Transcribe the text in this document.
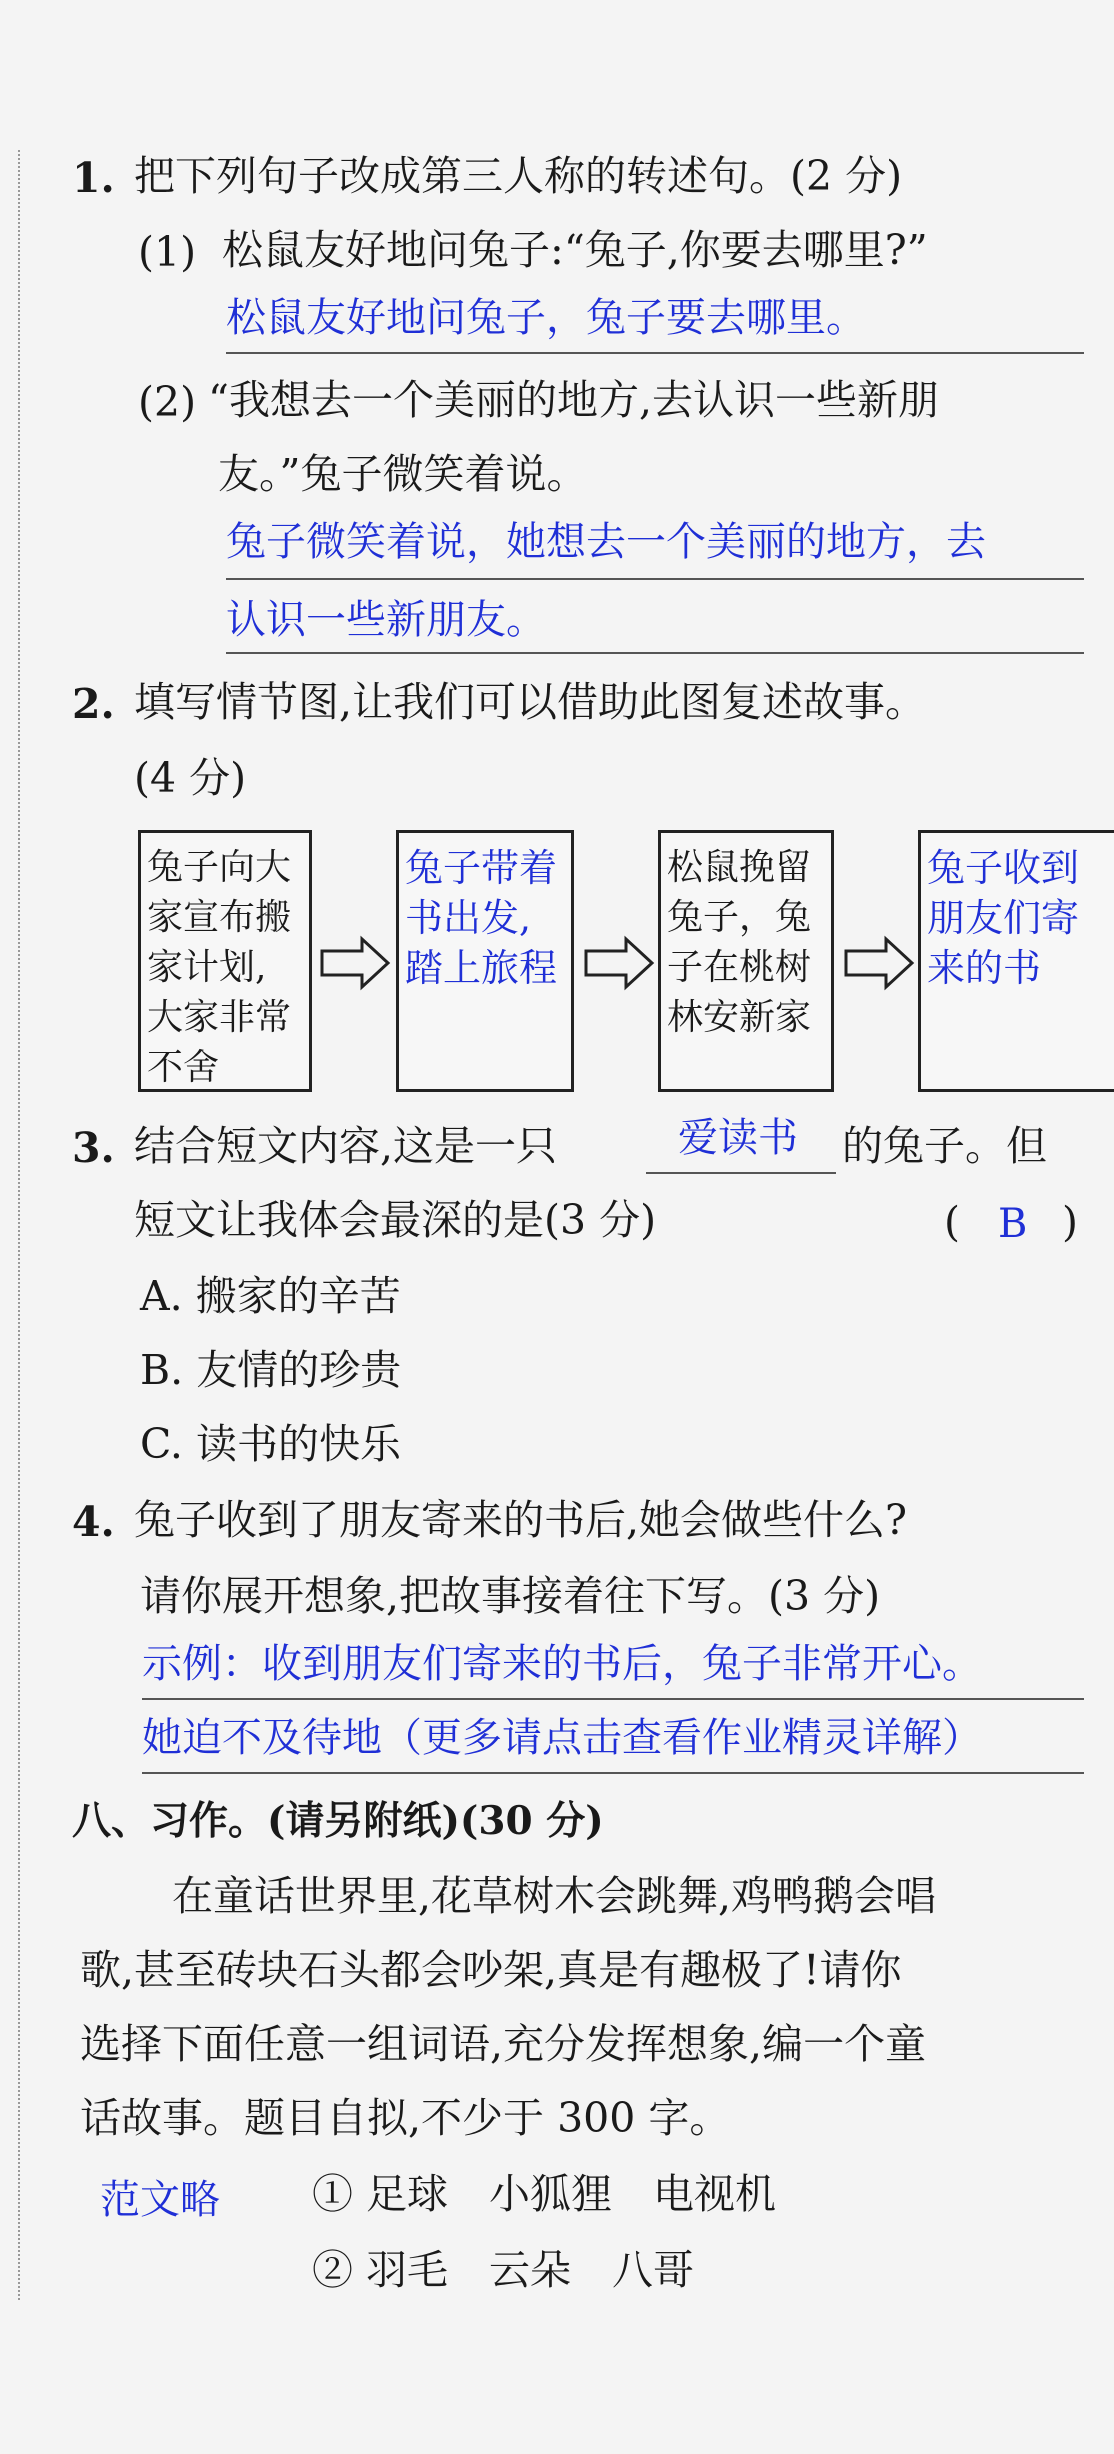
1. 把下列句子改成第三人称的转述句。(2 分)
(1) 松鼠友好地问兔子:“兔子,你要去哪里?”
松鼠友好地问兔子，兔子要去哪里。
(2) “我想去一个美丽的地方,去认识一些新朋
友。”兔子微笑着说。
兔子微笑着说，她想去一个美丽的地方，去
认识一些新朋友。
2. 填写情节图,让我们可以借助此图复述故事。
(4 分)
兔子向大
家宣布搬
家计划,
大家非常
不舍
兔子带着
书出发,
踏上旅程
松鼠挽留
兔子，兔
子在桃树
林安新家
兔子收到
朋友们寄
来的书
3. 结合短文内容,这是一只	爱读书 的兔子。但
短文让我体会最深的是(3 分)	( B )
A. 搬家的辛苦
B. 友情的珍贵
C. 读书的快乐
4. 兔子收到了朋友寄来的书后,她会做些什么?
请你展开想象,把故事接着往下写。(3 分)
示例：收到朋友们寄来的书后，兔子非常开心。
她迫不及待地（更多请点击查看作业精灵详解）
八、习作。(请另附纸)(30 分)
在童话世界里,花草树木会跳舞,鸡鸭鹅会唱
歌,甚至砖块石头都会吵架,真是有趣极了!请你
选择下面任意一组词语,充分发挥想象,编一个童
话故事。题目自拟,不少于 300 字。
范文略 ① 足球　小狐狸　电视机
② 羽毛　云朵　八哥
